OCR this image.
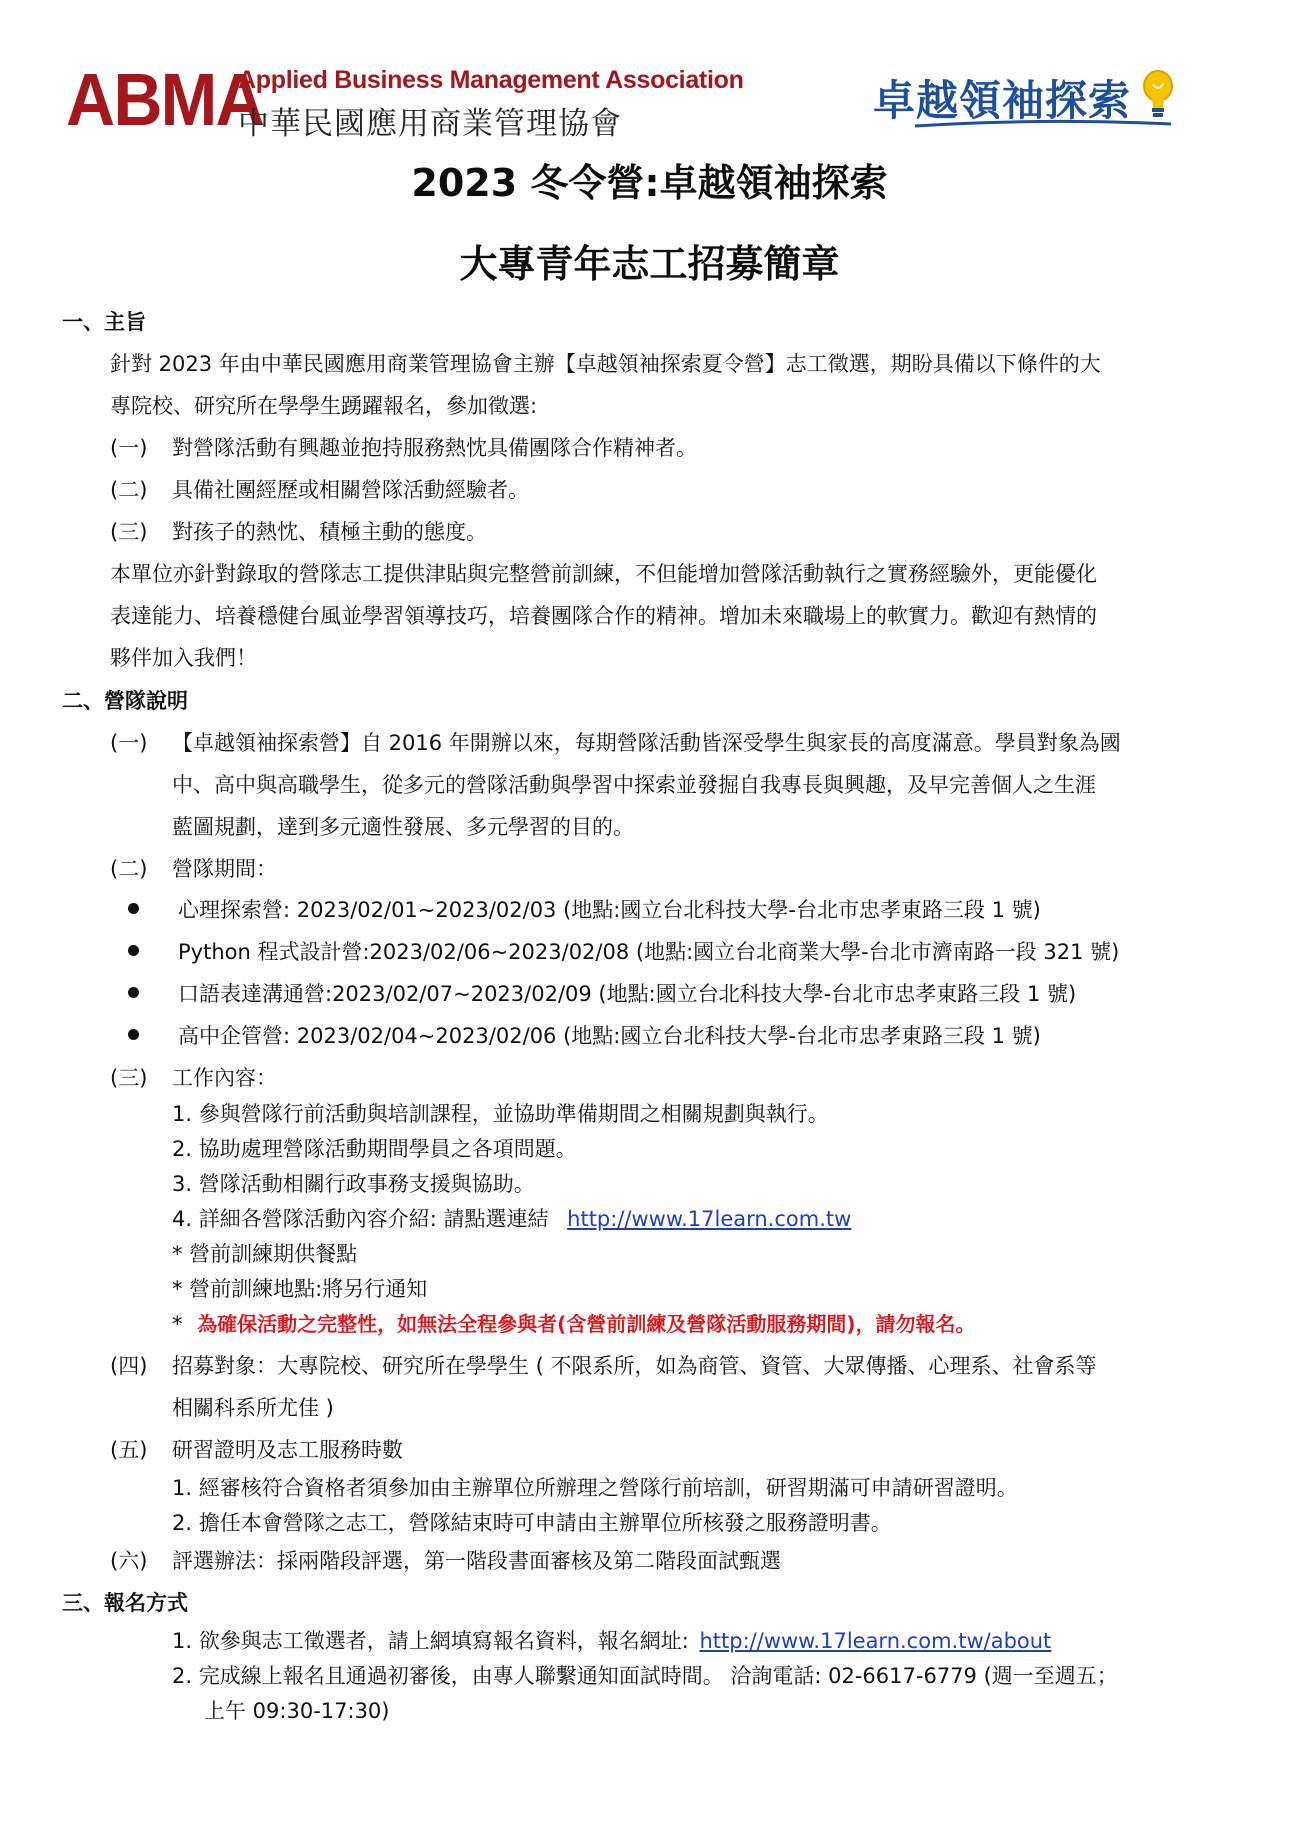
ABMA
Applied Business Management Association
中華民國應用商業管理協會	卓越領袖探索
2023 冬令營:卓越領袖探索
大專青年志工招募簡章
一、主旨
針對 2023 年由中華民國應用商業管理協會主辦【卓越領袖探索夏令營】志工徵選，期盼具備以下條件的大
專院校、研究所在學學生踴躍報名，參加徵選:
(一) 對營隊活動有興趣並抱持服務熱忱具備團隊合作精神者。
(二) 具備社團經歷或相關營隊活動經驗者。
(三) 對孩子的熱忱、積極主動的態度。
本單位亦針對錄取的營隊志工提供津貼與完整營前訓練，不但能增加營隊活動執行之實務經驗外，更能優化
表達能力、培養穩健台風並學習領導技巧，培養團隊合作的精神。增加未來職場上的軟實力。歡迎有熱情的
夥伴加入我們！
二、營隊說明
(一) 【卓越領袖探索營】自 2016 年開辦以來，每期營隊活動皆深受學生與家長的高度滿意。學員對象為國
中、高中與高職學生，從多元的營隊活動與學習中探索並發掘自我專長與興趣，及早完善個人之生涯
藍圖規劃，達到多元適性發展、多元學習的目的。
(二) 營隊期間：
心理探索營: 2023/02/01~2023/02/03 (地點:國立台北科技大學-台北市忠孝東路三段 1 號)
Python 程式設計營:2023/02/06~2023/02/08 (地點:國立台北商業大學-台北市濟南路一段 321 號)
口語表達溝通營:2023/02/07~2023/02/09 (地點:國立台北科技大學-台北市忠孝東路三段 1 號)
高中企管營: 2023/02/04~2023/02/06 (地點:國立台北科技大學-台北市忠孝東路三段 1 號)
(三) 工作內容：
1. 參與營隊行前活動與培訓課程，並協助準備期間之相關規劃與執行。
2. 協助處理營隊活動期間學員之各項問題。
3. 營隊活動相關行政事務支援與協助。
4. 詳細各營隊活動內容介紹: 請點選連結 http://www.17learn.com.tw
* 營前訓練期供餐點
* 營前訓練地點:將另行通知
* 為確保活動之完整性，如無法全程參與者(含營前訓練及營隊活動服務期間)，請勿報名。
(四) 招募對象：大專院校、研究所在學學生 ( 不限系所，如為商管、資管、大眾傳播、心理系、社會系等
相關科系所尤佳 )
(五) 研習證明及志工服務時數
1. 經審核符合資格者須參加由主辦單位所辦理之營隊行前培訓，研習期滿可申請研習證明。
2. 擔任本會營隊之志工，營隊結束時可申請由主辦單位所核發之服務證明書。
(六) 評選辦法：採兩階段評選，第一階段書面審核及第二階段面試甄選
三、報名方式
1. 欲參與志工徵選者，請上網填寫報名資料，報名網址: http://www.17learn.com.tw/about
2. 完成線上報名且通過初審後，由專人聯繫通知面試時間。 洽詢電話: 02-6617-6779 (週一至週五；
上午 09:30-17:30)
